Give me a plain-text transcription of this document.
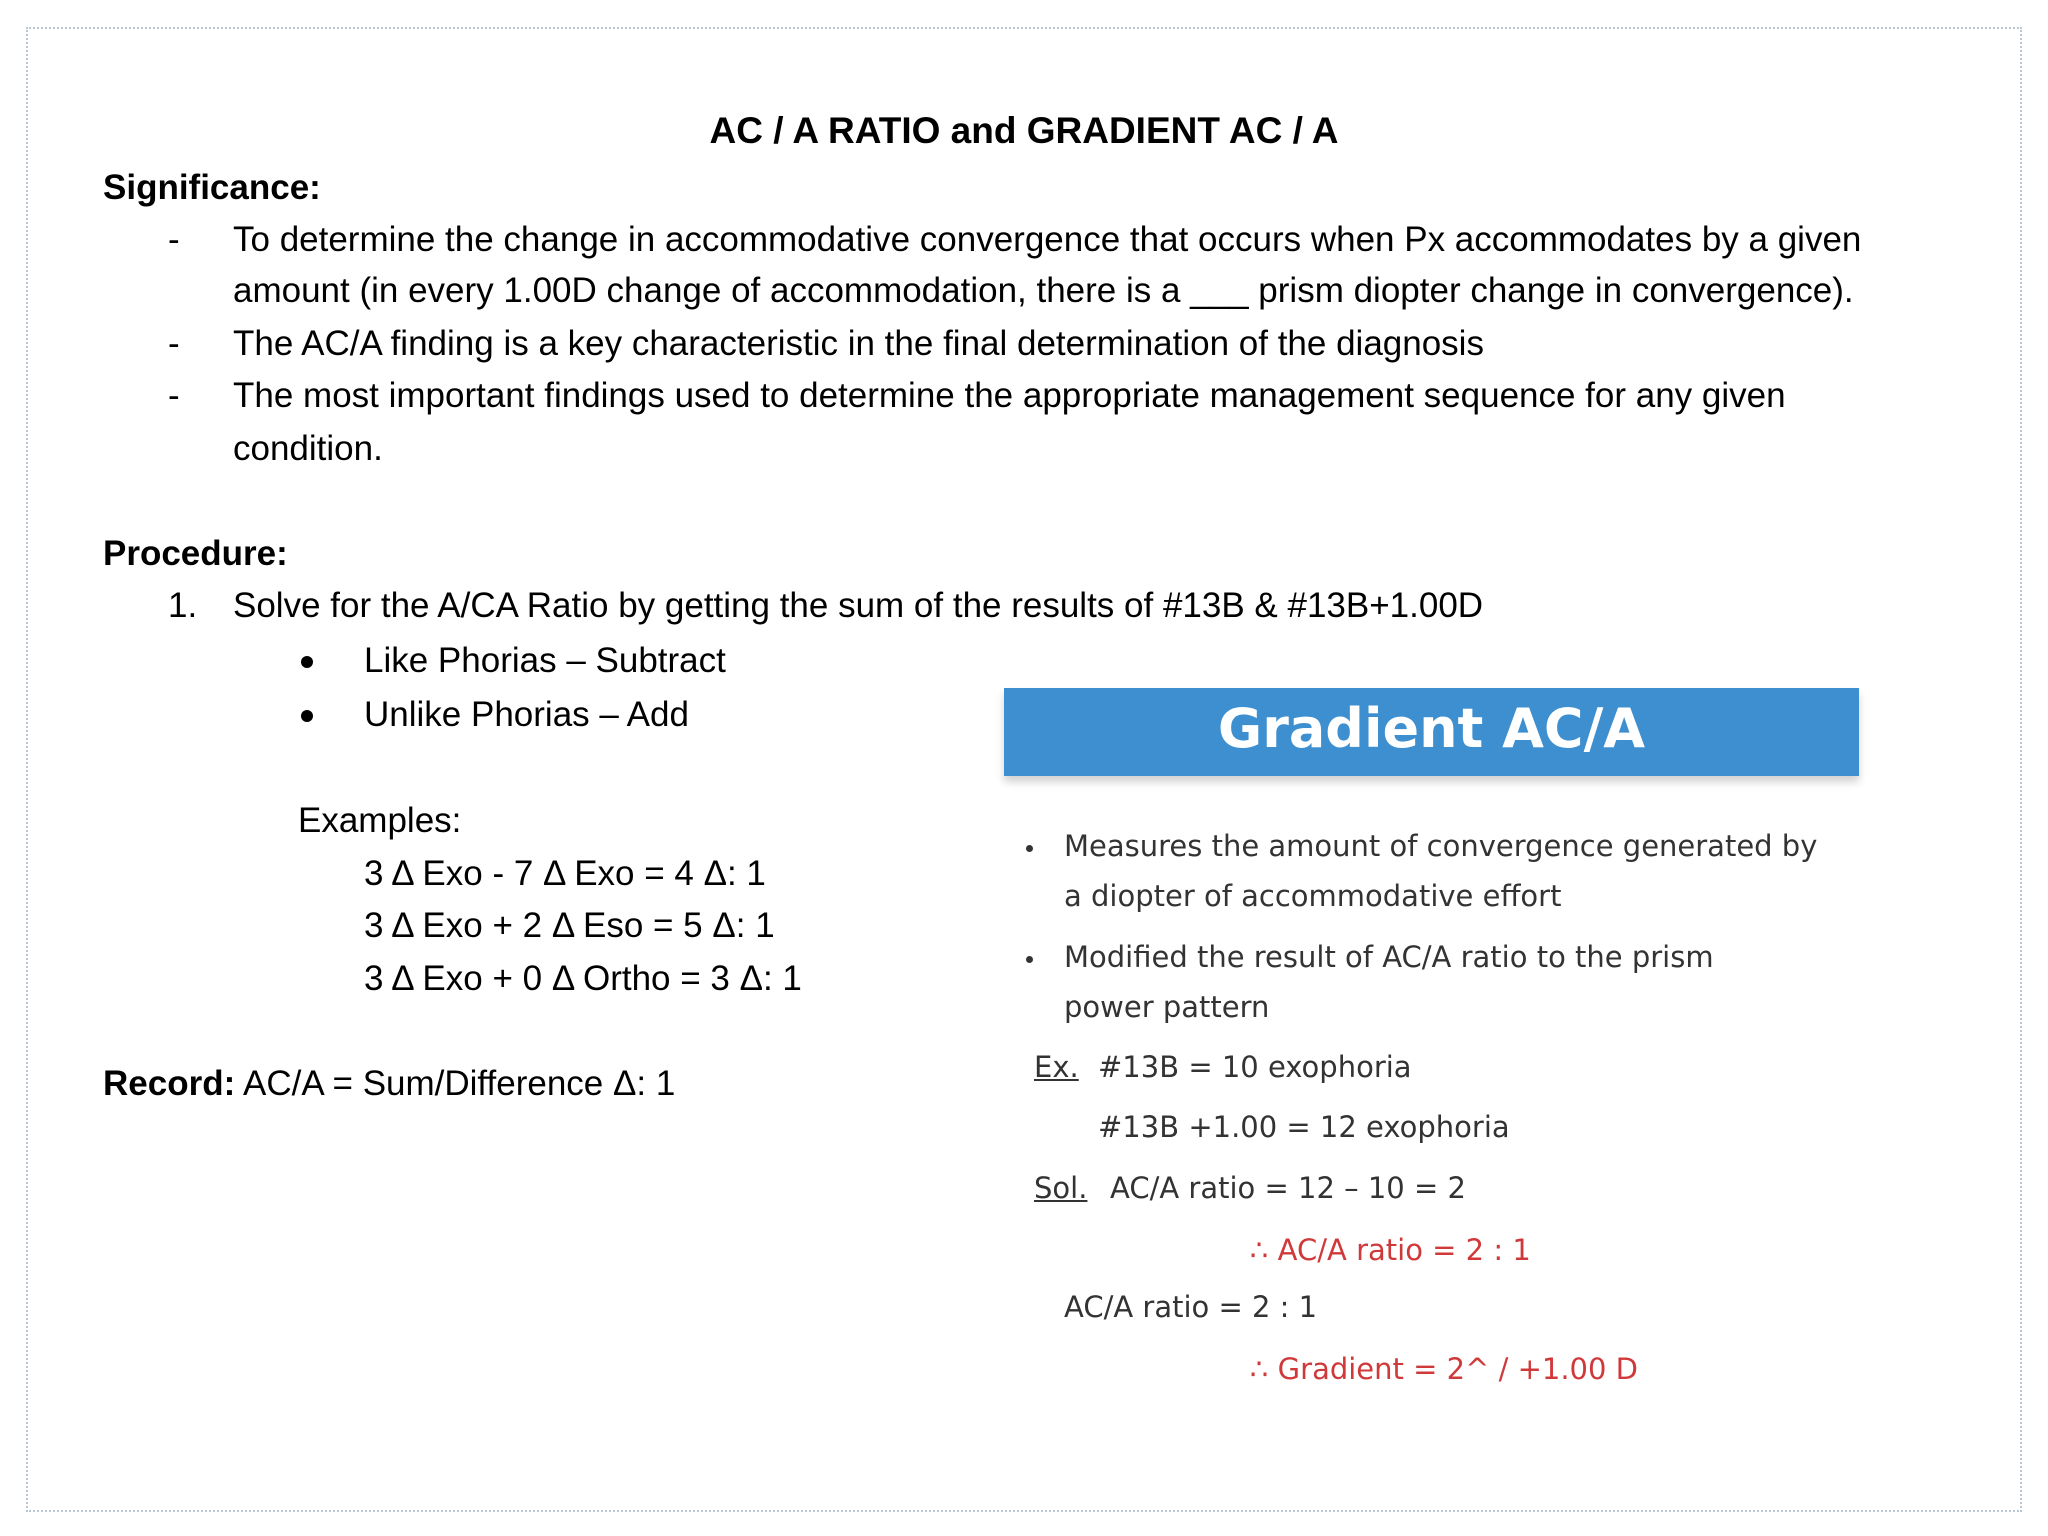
AC / A RATIO and GRADIENT AC / A
Significance:
- To determine the change in accommodative convergence that occurs when Px accommodates by a given
amount (in every 1.00D change of accommodation, there is a ___ prism diopter change in convergence).
- The AC/A finding is a key characteristic in the final determination of the diagnosis
- The most important findings used to determine the appropriate management sequence for any given
condition.
Procedure:
1. Solve for the A/CA Ratio by getting the sum of the results of #13B & #13B+1.00D
Like Phorias – Subtract
Unlike Phorias – Add
Examples:
3 Δ Exo - 7 Δ Exo = 4 Δ: 1
3 Δ Exo + 2 Δ Eso = 5 Δ: 1
3 Δ Exo + 0 Δ Ortho = 3 Δ: 1
Record: AC/A = Sum/Difference Δ: 1
Gradient AC/A
Measures the amount of convergence generated by
a diopter of accommodative effort
Modified the result of AC/A ratio to the prism
power pattern
Ex. #13B = 10 exophoria
#13B +1.00 = 12 exophoria
Sol. AC/A ratio = 12 – 10 = 2
∴ AC/A ratio = 2 : 1
AC/A ratio = 2 : 1
∴ Gradient = 2^ / +1.00 D
